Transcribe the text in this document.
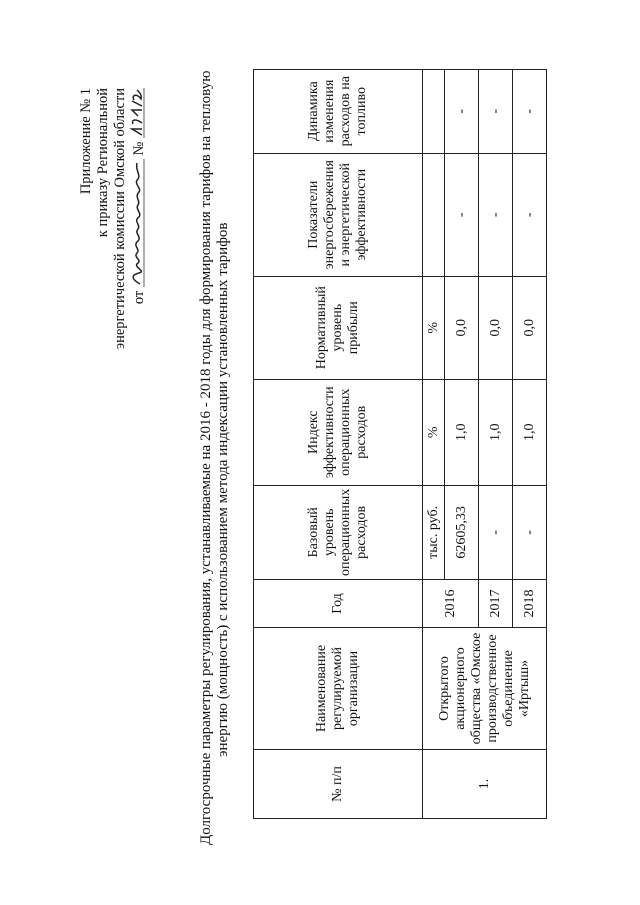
Приложение № 1 к приказу Региональной энергетической комиссии Омской области от  №	Долгосрочные параметры регулирования, устанавливаемые на 2016 - 2018 годы для формирования тарифов на тепловую энергию (мощность) с использованием метода индексации установленных тарифов
№ п/п	Наименование регулируемой организации	Год	Базовый уровень операционных расходов	Индекс эффективности операционных расходов	Нормативный уровень прибыли	Показатели энергосбережения и энергетической эффективности	Динамика изменения расходов на топливо
1.	Открытого акционерного общества «Омское производственное объединение «Иртыш»	2016	тыс. руб.	%	%		
			62605,33	1,0	0,0	-	-
		2017	-	1,0	0,0	-	-
		2018	-	1,0	0,0	-	-
